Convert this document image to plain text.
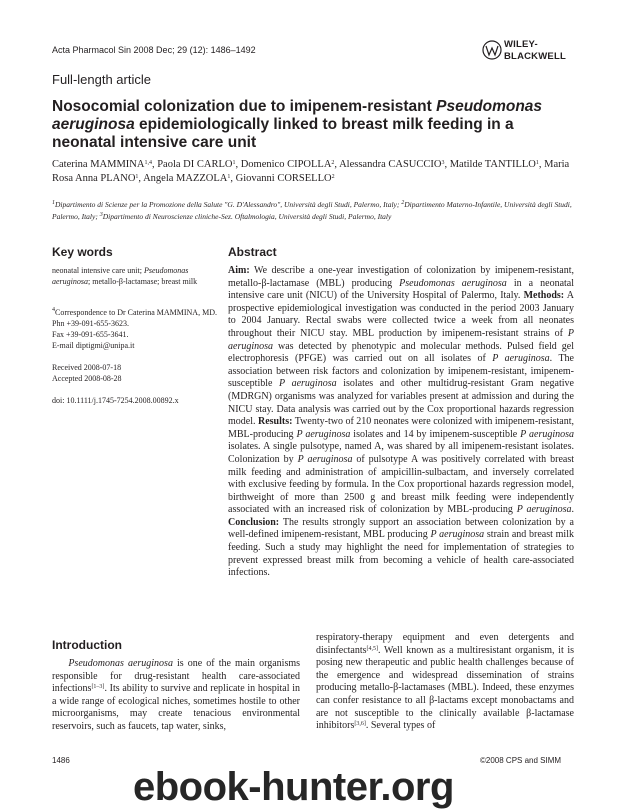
Acta Pharmacol Sin 2008 Dec; 29 (12): 1486–1492	WILEY-
BLACKWELL
Full-length article
Nosocomial colonization due to imipenem-resistant Pseudomonas aeruginosa epidemiologically linked to breast milk feeding in a neonatal intensive care unit
Caterina MAMMINA$^{1,4}$, Paola DI CARLO$^1$, Domenico CIPOLLA$^2$, Alessandra CASUCCIO$^3$, Matilde TANTILLO$^1$, Maria Rosa Anna PLANO$^1$, Angela MAZZOLA$^1$, Giovanni CORSELLO$^2$
$^1$Dipartimento di Scienze per la Promozione della Salute "G. D'Alessandro", Università degli Studi, Palermo, Italy; $^2$Dipartimento Materno-Infantile, Università degli Studi, Palermo, Italy; $^3$Dipartimento di Neuroscienze cliniche-Sez. Oftalmologia, Università degli Studi, Palermo, Italy
Key words
neonatal intensive care unit; Pseudomonas aeruginosa; metallo-β-lactamase; breast milk
$^4$Correspondence to Dr Caterina MAMMINA, MD.
Phn +39-091-655-3623.
Fax +39-091-655-3641.
E-mail diptigmi@unipa.it
Received 2008-07-18
Accepted 2008-08-28
doi: 10.1111/j.1745-7254.2008.00892.x
Abstract
Aim: We describe a one-year investigation of colonization by imipenem-resistant, metallo-β-lactamase (MBL) producing Pseudomonas aeruginosa in a neonatal intensive care unit (NICU) of the University Hospital of Palermo, Italy. Methods: A prospective epidemiological investigation was conducted in the period 2003 January to 2004 January. Rectal swabs were collected twice a week from all neonates throughout their NICU stay. MBL production by imipenem-resistant strains of P aeruginosa was detected by phenotypic and molecular methods. Pulsed field gel electrophoresis (PFGE) was carried out on all isolates of P aeruginosa. The association between risk factors and colonization by imipenem-resistant, imipenem-susceptible P aeruginosa isolates and other multidrug-resistant Gram negative (MDRGN) organisms was analyzed for variables present at admission and during the NICU stay. Data analysis was carried out by the Cox proportional hazards regression model. Results: Twenty-two of 210 neonates were colonized with imipenem-resistant, MBL-producing P aeruginosa isolates and 14 by imipenem-susceptible P aeruginosa isolates. A single pulsotype, named A, was shared by all imipenem-resistant isolates. Colonization by P aeruginosa of pulsotype A was positively correlated with breast milk feeding and administration of ampicillin-sulbactam, and inversely correlated with exclusive feeding by formula. In the Cox proportional hazards regression model, birthweight of more than 2500 g and breast milk feeding were independently associated with an increased risk of colonization by MBL-producing P aeruginosa. Conclusion: The results strongly support an association between colonization by a well-defined imipenem-resistant, MBL producing P aeruginosa strain and breast milk feeding. Such a study may highlight the need for implementation of strategies to prevent expressed breast milk from becoming a vehicle of health care-associated infections.
Introduction
Pseudomonas aeruginosa is one of the main organisms responsible for drug-resistant health care-associated infections[1–3]. Its ability to survive and replicate in hospital in a wide range of ecological niches, sometimes hostile to other microorganisms, may create tenacious environmental reservoirs, such as faucets, tap water, sinks,
respiratory-therapy equipment and even detergents and disinfectants[4,5]. Well known as a multiresistant organism, it is posing new therapeutic and public health challenges because of the emergence and widespread dissemination of strains producing metallo-β-lactamases (MBL). Indeed, these enzymes can confer resistance to all β-lactams except monobactams and are not susceptible to the clinically available β-lactamase inhibitors[3,6]. Several types of
1486	©2008 CPS and SIMM
ebook-hunter.org
